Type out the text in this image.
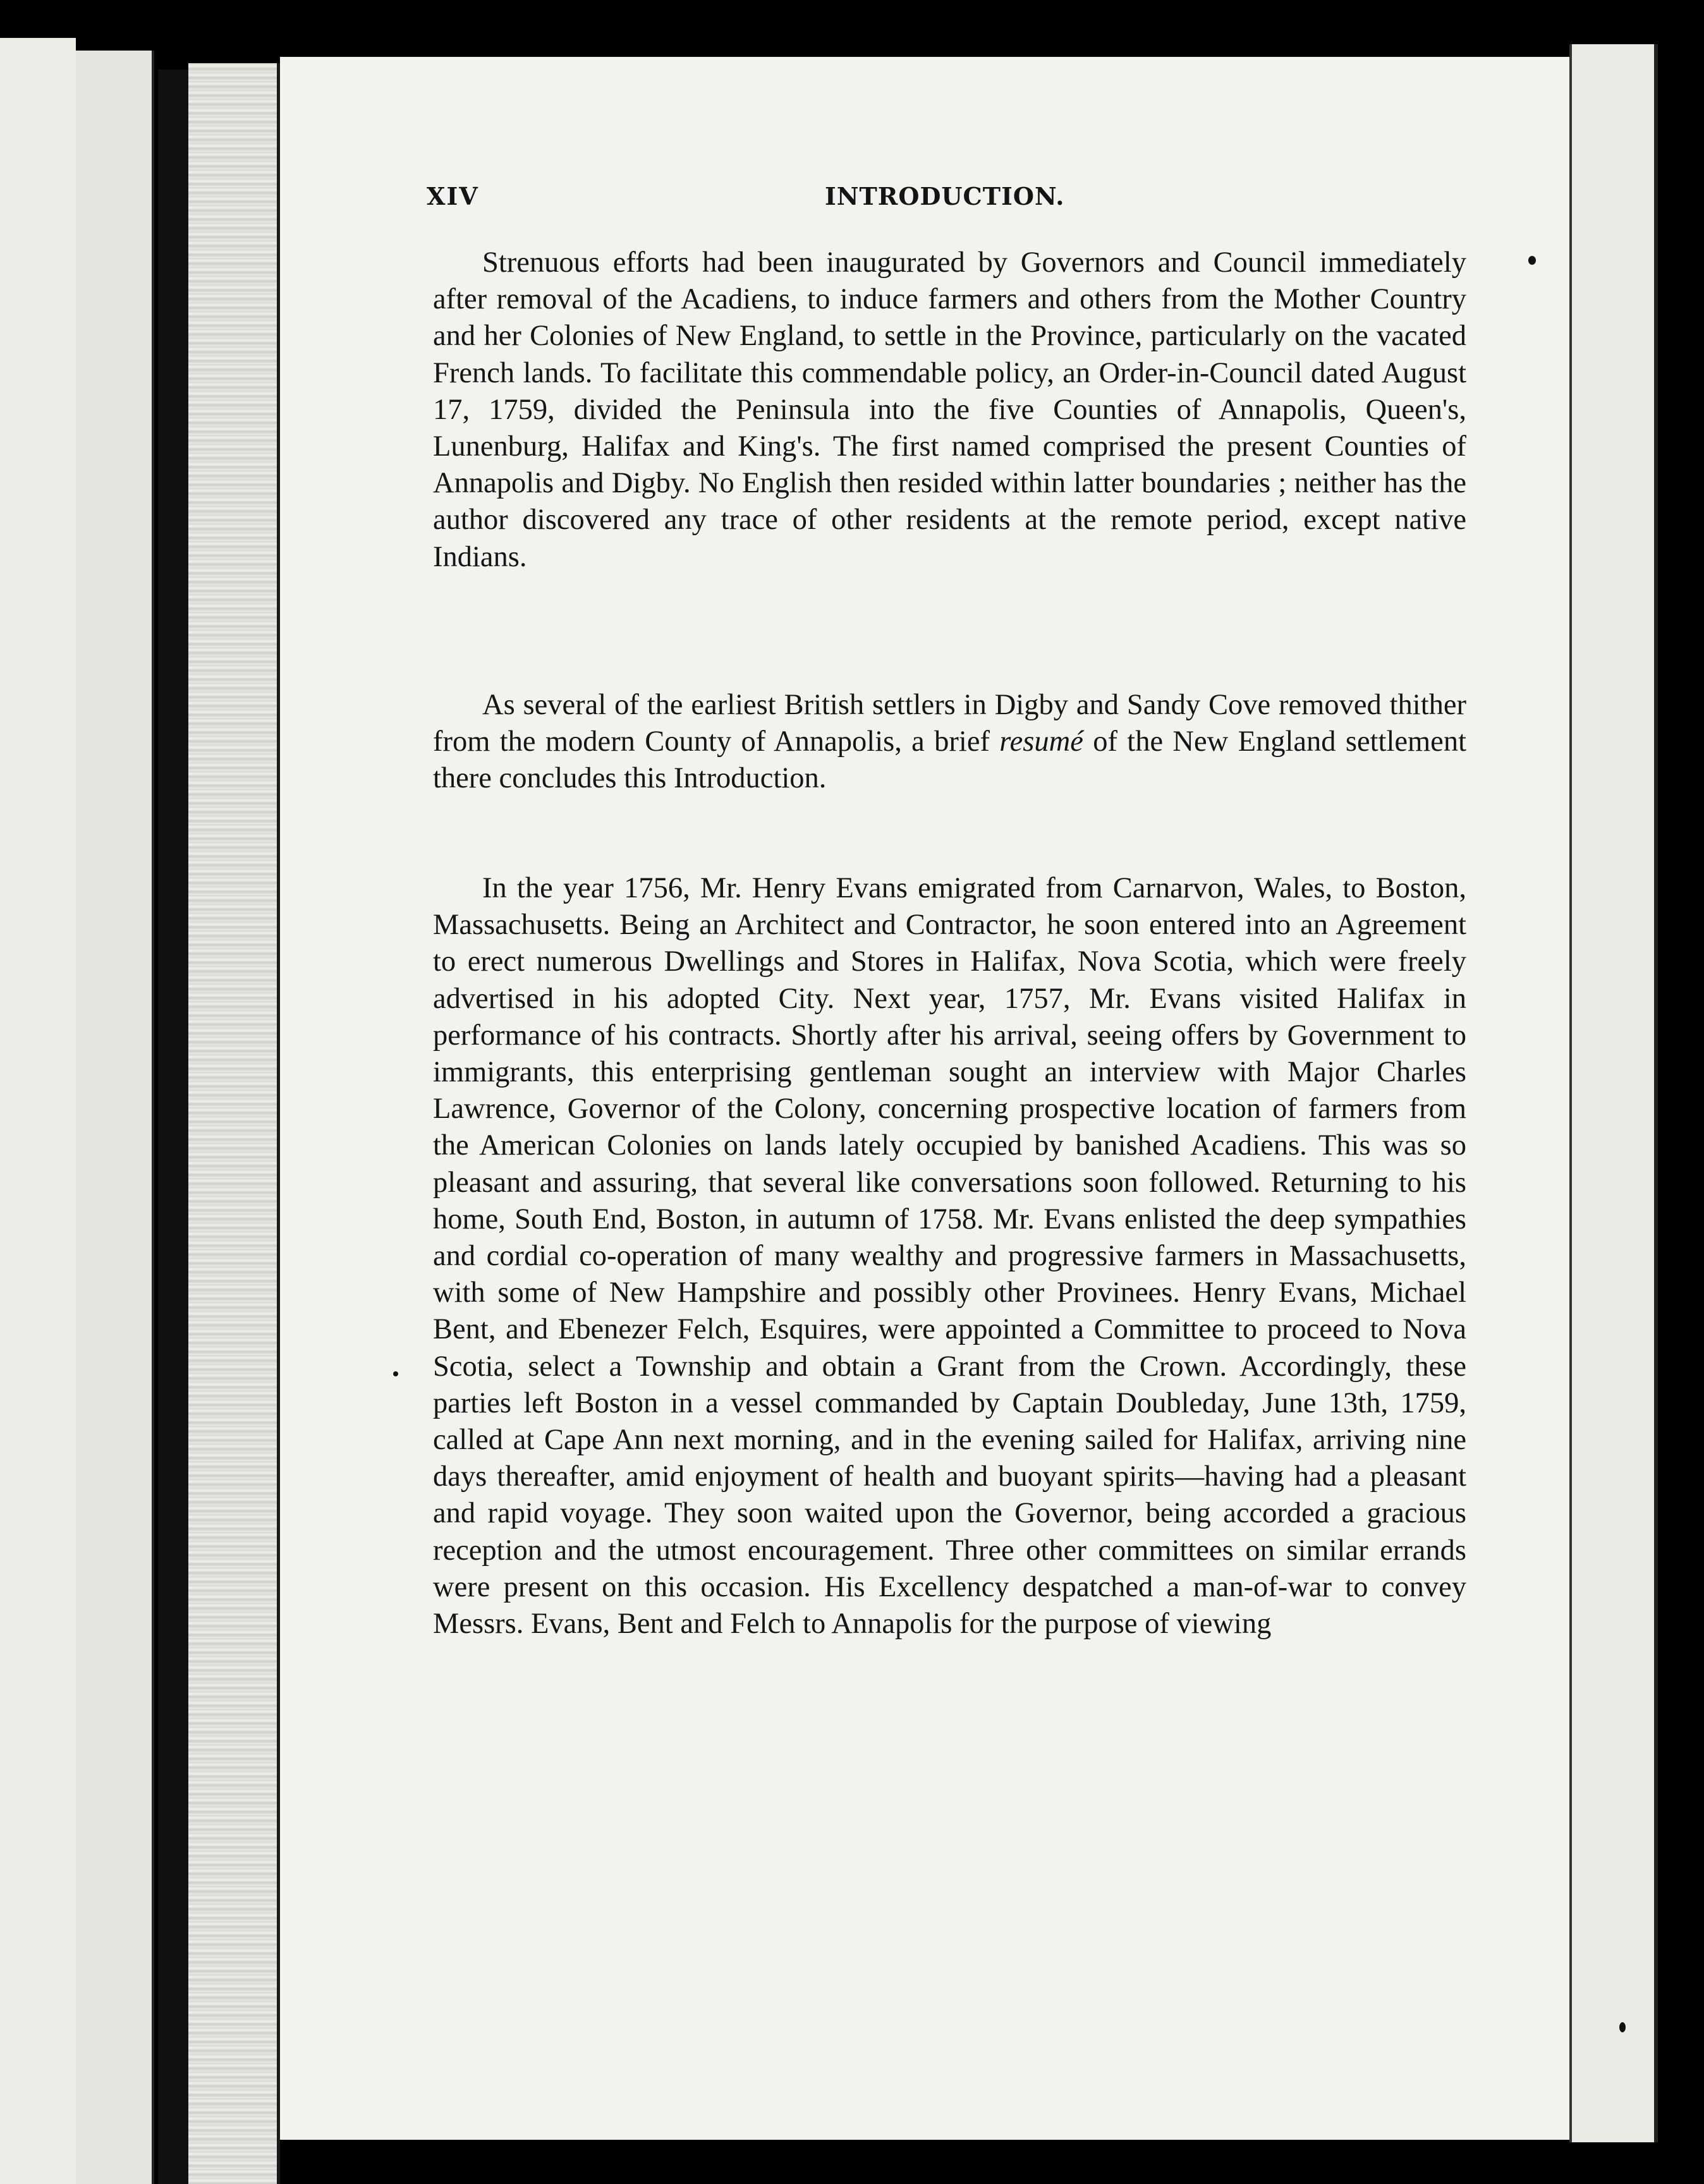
XIV	INTRODUCTION.

Strenuous efforts had been inaugurated by Governors and Council immediately after removal of the Acadiens, to induce farmers and others from the Mother Country and her Colonies of New England, to settle in the Province, particularly on the vacated French lands. To facilitate this commendable policy, an Order-in-Council dated August 17, 1759, divided the Peninsula into the five Counties of Annapolis, Queen's, Lunenburg, Halifax and King's. The first named comprised the present Counties of Annapolis and Digby. No English then resided within latter boundaries ; neither has the author discovered any trace of other residents at the remote period, except native Indians.

As several of the earliest British settlers in Digby and Sandy Cove removed thither from the modern County of Annapolis, a brief resumé of the New England settlement there concludes this Introduction.

In the year 1756, Mr. Henry Evans emigrated from Carnarvon, Wales, to Boston, Massachusetts. Being an Architect and Contractor, he soon entered into an Agreement to erect numerous Dwellings and Stores in Halifax, Nova Scotia, which were freely advertised in his adopted City. Next year, 1757, Mr. Evans visited Halifax in performance of his contracts. Shortly after his arrival, seeing offers by Government to immigrants, this enterprising gentleman sought an interview with Major Charles Lawrence, Governor of the Colony, concerning prospective location of farmers from the American Colonies on lands lately occupied by banished Acadiens. This was so pleasant and assuring, that several like conversations soon followed. Returning to his home, South End, Boston, in autumn of 1758. Mr. Evans enlisted the deep sympathies and cordial co-operation of many wealthy and progressive farmers in Massachusetts, with some of New Hampshire and possibly other Provinees. Henry Evans, Michael Bent, and Ebenezer Felch, Esquires, were appointed a Committee to proceed to Nova Scotia, select a Township and obtain a Grant from the Crown. Accordingly, these parties left Boston in a vessel commanded by Captain Doubleday, June 13th, 1759, called at Cape Ann next morning, and in the evening sailed for Halifax, arriving nine days thereafter, amid enjoyment of health and buoyant spirits—having had a pleasant and rapid voyage. They soon waited upon the Governor, being accorded a gracious reception and the utmost encouragement. Three other committees on similar errands were present on this occasion. His Excellency despatched a man-of-war to convey Messrs. Evans, Bent and Felch to Annapolis for the purpose of viewing
